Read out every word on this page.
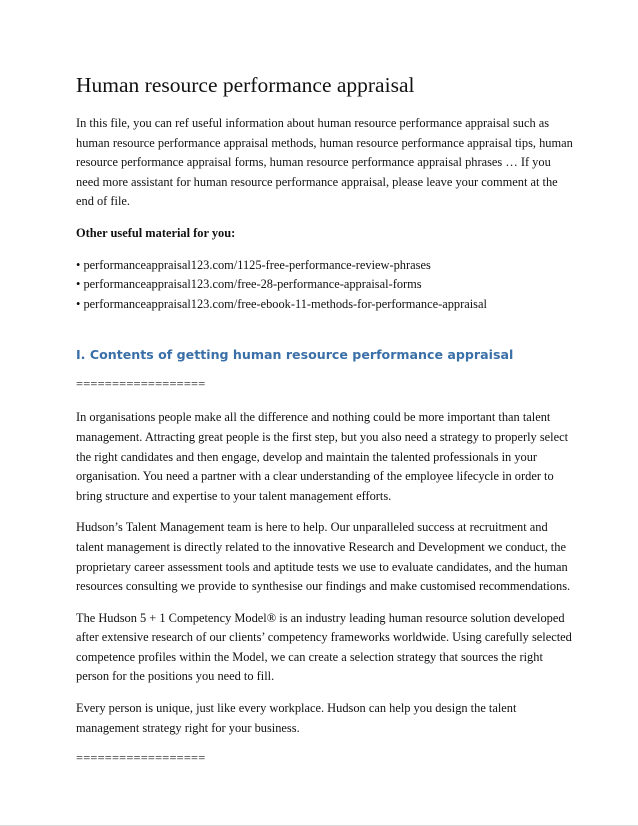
Human resource performance appraisal

In this file, you can ref useful information about human resource performance appraisal such as human resource performance appraisal methods, human resource performance appraisal tips, human resource performance appraisal forms, human resource performance appraisal phrases … If you need more assistant for human resource performance appraisal, please leave your comment at the end of file.

Other useful material for you:

• performanceappraisal123.com/1125-free-performance-review-phrases
• performanceappraisal123.com/free-28-performance-appraisal-forms
• performanceappraisal123.com/free-ebook-11-methods-for-performance-appraisal
I. Contents of getting human resource performance appraisal
==================

In organisations people make all the difference and nothing could be more important than talent management. Attracting great people is the first step, but you also need a strategy to properly select the right candidates and then engage, develop and maintain the talented professionals in your organisation. You need a partner with a clear understanding of the employee lifecycle in order to bring structure and expertise to your talent management efforts.

Hudson’s Talent Management team is here to help. Our unparalleled success at recruitment and talent management is directly related to the innovative Research and Development we conduct, the proprietary career assessment tools and aptitude tests we use to evaluate candidates, and the human resources consulting we provide to synthesise our findings and make customised recommendations.

The Hudson 5 + 1 Competency Model® is an industry leading human resource solution developed after extensive research of our clients’ competency frameworks worldwide. Using carefully selected competence profiles within the Model, we can create a selection strategy that sources the right person for the positions you need to fill.

Every person is unique, just like every workplace. Hudson can help you design the talent management strategy right for your business.

==================
